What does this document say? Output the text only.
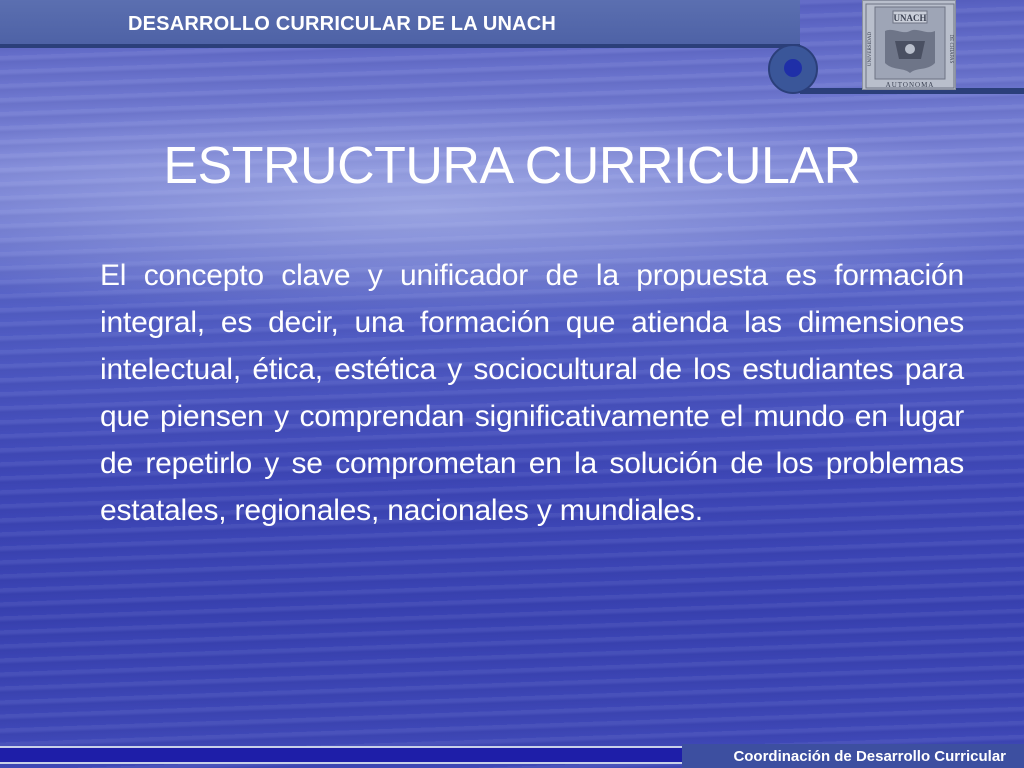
DESARROLLO CURRICULAR DE LA UNACH	UNACH
AUTONOMA
UNIVERSIDAD	DE CHIAPAS
ESTRUCTURA CURRICULAR
El concepto clave y unificador de la propuesta es formación integral, es decir, una formación que atienda las dimensiones intelectual, ética, estética y sociocultural de los estudiantes para que piensen y comprendan significativamente el mundo en lugar de repetirlo y se comprometan en la solución de los problemas estatales, regionales, nacionales y mundiales.
Coordinación de Desarrollo Curricular
